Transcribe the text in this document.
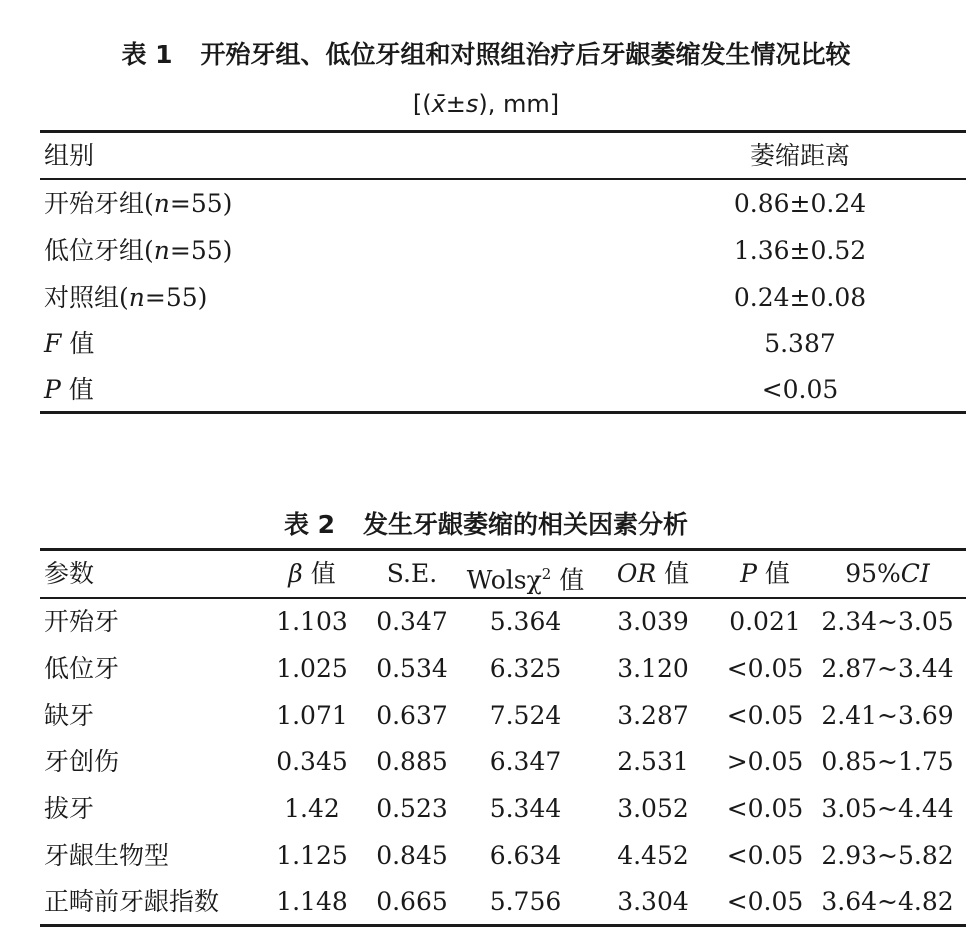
表 1 开殆牙组、低位牙组和对照组治疗后牙龈萎缩发生情况比较
[(x̄±s), mm]
组别	萎缩距离
开殆牙组(n=55)	0.86±0.24
低位牙组(n=55)	1.36±0.52
对照组(n=55)	0.24±0.08
F 值	5.387
P 值	<0.05
表 2 发生牙龈萎缩的相关因素分析
参数	β 值	S.E.	Wolsχ$^2$ 值	OR 值	P 值	95%CI
开殆牙	1.103	0.347	5.364	3.039	0.021 2.34~3.05
低位牙	1.025	0.534	6.325	3.120	<0.05 2.87~3.44
缺牙	1.071	0.637	7.524	3.287	<0.05 2.41~3.69
牙创伤	0.345	0.885	6.347	2.531	>0.05 0.85~1.75
拔牙	1.42	0.523	5.344	3.052	<0.05 3.05~4.44
牙龈生物型	1.125	0.845	6.634	4.452	<0.05 2.93~5.82
正畸前牙龈指数	1.148	0.665	5.756	3.304	<0.05 3.64~4.82
